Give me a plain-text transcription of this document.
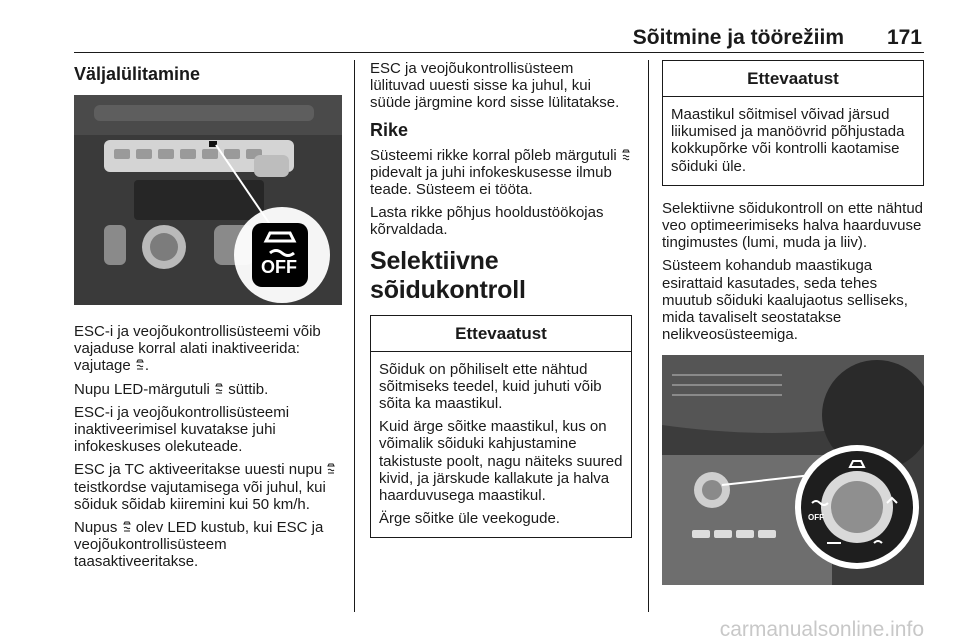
Sõitmine ja töörežiim 171
Väljalülitamine
OFF

ESC-i ja veojõukontrollisüsteemi võib vajaduse korral alati inaktiveerida: vajutage .

Nupu LED-märgutuli süttib.

ESC-i ja veojõukontrollisüsteemi inaktiveerimisel kuvatakse juhi infokeskuses olekuteade.

ESC ja TC aktiveeritakse uuesti nupu  teistkordse vajutamisega või juhul, kui sõiduk sõidab kiiremini kui 50 km/h.

Nupus olev LED kustub, kui ESC ja veojõukontrollisüsteem taasaktiveeritakse.

ESC ja veojõukontrollisüsteem lülituvad uuesti sisse ka juhul, kui süüde järgmine kord sisse lülitatakse.

Rike

Süsteemi rikke korral põleb märgutuli  pidevalt ja juhi infokeskusesse ilmub teade. Süsteem ei tööta.

Lasta rikke põhjus hooldustöökojas kõrvaldada.

Selektiivne sõidukontroll
Ettevaatust

Sõiduk on põhiliselt ette nähtud sõitmiseks teedel, kuid juhuti võib sõita ka maastikul.

Kuid ärge sõitke maastikul, kus on võimalik sõiduki kahjustamine takistuste poolt, nagu näiteks suured kivid, ja järskude kallakute ja halva haarduvusega maastikul.

Ärge sõitke üle veekogude.

Ettevaatust

Maastikul sõitmisel võivad järsud liikumised ja manöövrid põhjustada kokkupõrke või kontrolli kaotamise sõiduki üle.

Selektiivne sõidukontroll on ette nähtud veo optimeerimiseks halva haarduvuse tingimustes (lumi, muda ja liiv).

Süsteem kohandub maastikuga esirattaid kasutades, seda tehes muutub sõiduki kaalujaotus selliseks, mida tavaliselt seostatakse nelikveosüsteemiga.

OFF
carmanualsonline.info
